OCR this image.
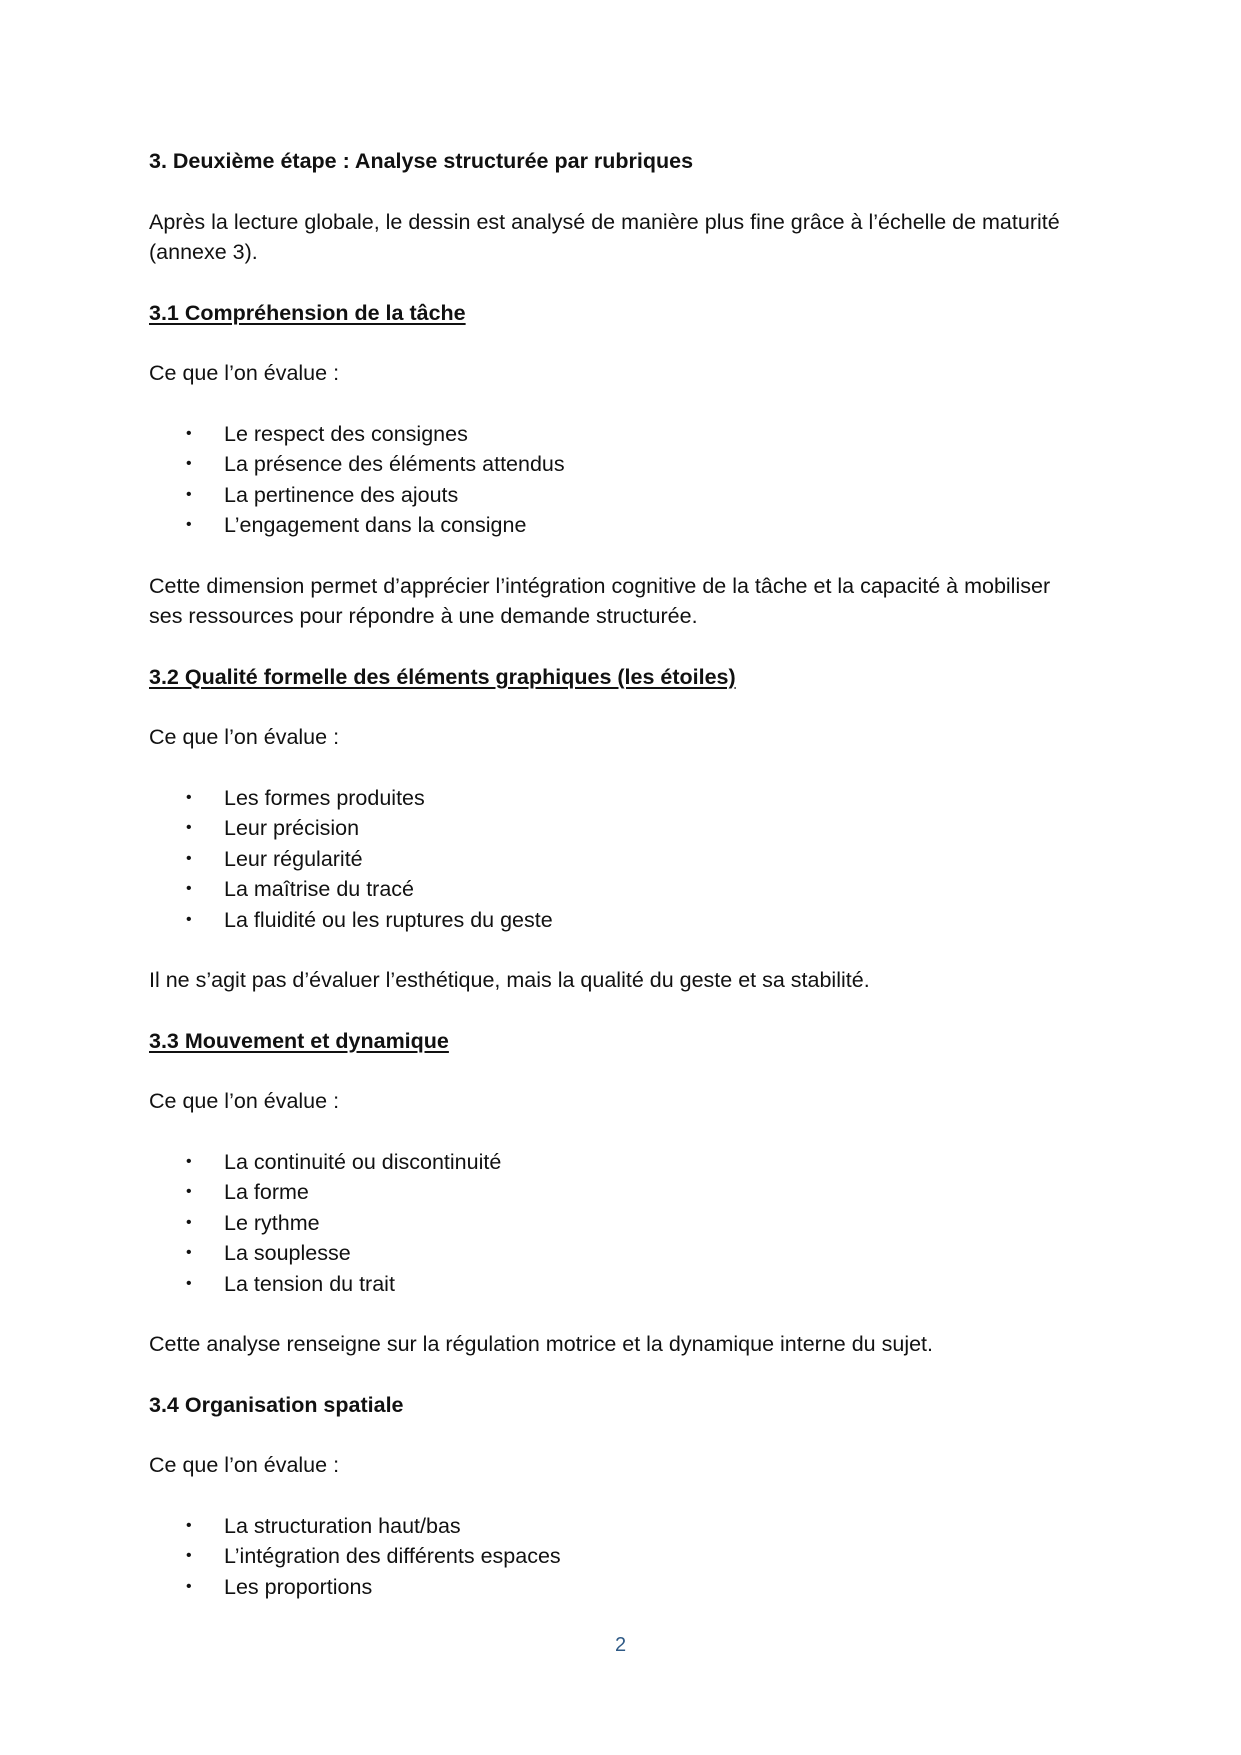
3. Deuxième étape : Analyse structurée par rubriques

Après la lecture globale, le dessin est analysé de manière plus fine grâce à l’échelle de maturité (annexe 3).

3.1 Compréhension de la tâche

Ce que l’on évalue :

• Le respect des consignes
• La présence des éléments attendus
• La pertinence des ajouts
• L’engagement dans la consigne

Cette dimension permet d’apprécier l’intégration cognitive de la tâche et la capacité à mobiliser ses ressources pour répondre à une demande structurée.

3.2 Qualité formelle des éléments graphiques (les étoiles)

Ce que l’on évalue :

• Les formes produites
• Leur précision
• Leur régularité
• La maîtrise du tracé
• La fluidité ou les ruptures du geste

Il ne s’agit pas d’évaluer l’esthétique, mais la qualité du geste et sa stabilité.

3.3 Mouvement et dynamique

Ce que l’on évalue :

• La continuité ou discontinuité
• La forme
• Le rythme
• La souplesse
• La tension du trait

Cette analyse renseigne sur la régulation motrice et la dynamique interne du sujet.

3.4 Organisation spatiale

Ce que l’on évalue :

• La structuration haut/bas
• L’intégration des différents espaces
• Les proportions
2
